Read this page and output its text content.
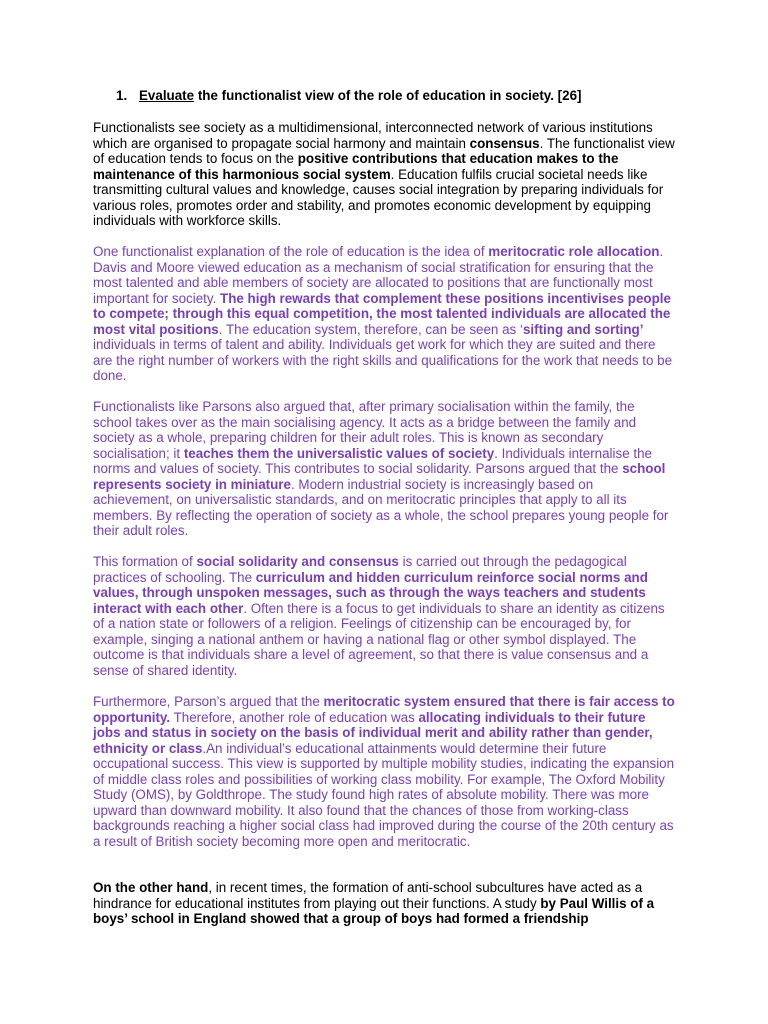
1. Evaluate the functionalist view of the role of education in society. [26]

Functionalists see society as a multidimensional, interconnected network of various institutions which are organised to propagate social harmony and maintain consensus. The functionalist view of education tends to focus on the positive contributions that education makes to the maintenance of this harmonious social system. Education fulfils crucial societal needs like transmitting cultural values and knowledge, causes social integration by preparing individuals for various roles, promotes order and stability, and promotes economic development by equipping individuals with workforce skills.

One functionalist explanation of the role of education is the idea of meritocratic role allocation. Davis and Moore viewed education as a mechanism of social stratification for ensuring that the most talented and able members of society are allocated to positions that are functionally most important for society. The high rewards that complement these positions incentivises people to compete; through this equal competition, the most talented individuals are allocated the most vital positions. The education system, therefore, can be seen as ‘sifting and sorting’ individuals in terms of talent and ability. Individuals get work for which they are suited and there are the right number of workers with the right skills and qualifications for the work that needs to be done.

Functionalists like Parsons also argued that, after primary socialisation within the family, the school takes over as the main socialising agency. It acts as a bridge between the family and society as a whole, preparing children for their adult roles. This is known as secondary socialisation; it teaches them the universalistic values of society. Individuals internalise the norms and values of society. This contributes to social solidarity. Parsons argued that the school represents society in miniature. Modern industrial society is increasingly based on achievement, on universalistic standards, and on meritocratic principles that apply to all its members. By reflecting the operation of society as a whole, the school prepares young people for their adult roles.

This formation of social solidarity and consensus is carried out through the pedagogical practices of schooling. The curriculum and hidden curriculum reinforce social norms and values, through unspoken messages, such as through the ways teachers and students interact with each other. Often there is a focus to get individuals to share an identity as citizens of a nation state or followers of a religion. Feelings of citizenship can be encouraged by, for example, singing a national anthem or having a national flag or other symbol displayed. The outcome is that individuals share a level of agreement, so that there is value consensus and a sense of shared identity.

Furthermore, Parson’s argued that the meritocratic system ensured that there is fair access to opportunity. Therefore, another role of education was allocating individuals to their future jobs and status in society on the basis of individual merit and ability rather than gender, ethnicity or class.An individual’s educational attainments would determine their future occupational success. This view is supported by multiple mobility studies, indicating the expansion of middle class roles and possibilities of working class mobility. For example, The Oxford Mobility Study (OMS), by Goldthrope. The study found high rates of absolute mobility. There was more upward than downward mobility. It also found that the chances of those from working-class backgrounds reaching a higher social class had improved during the course of the 20th century as a result of British society becoming more open and meritocratic.

On the other hand, in recent times, the formation of anti-school subcultures have acted as a hindrance for educational institutes from playing out their functions. A study by Paul Willis of a boys’ school in England showed that a group of boys had formed a friendship
